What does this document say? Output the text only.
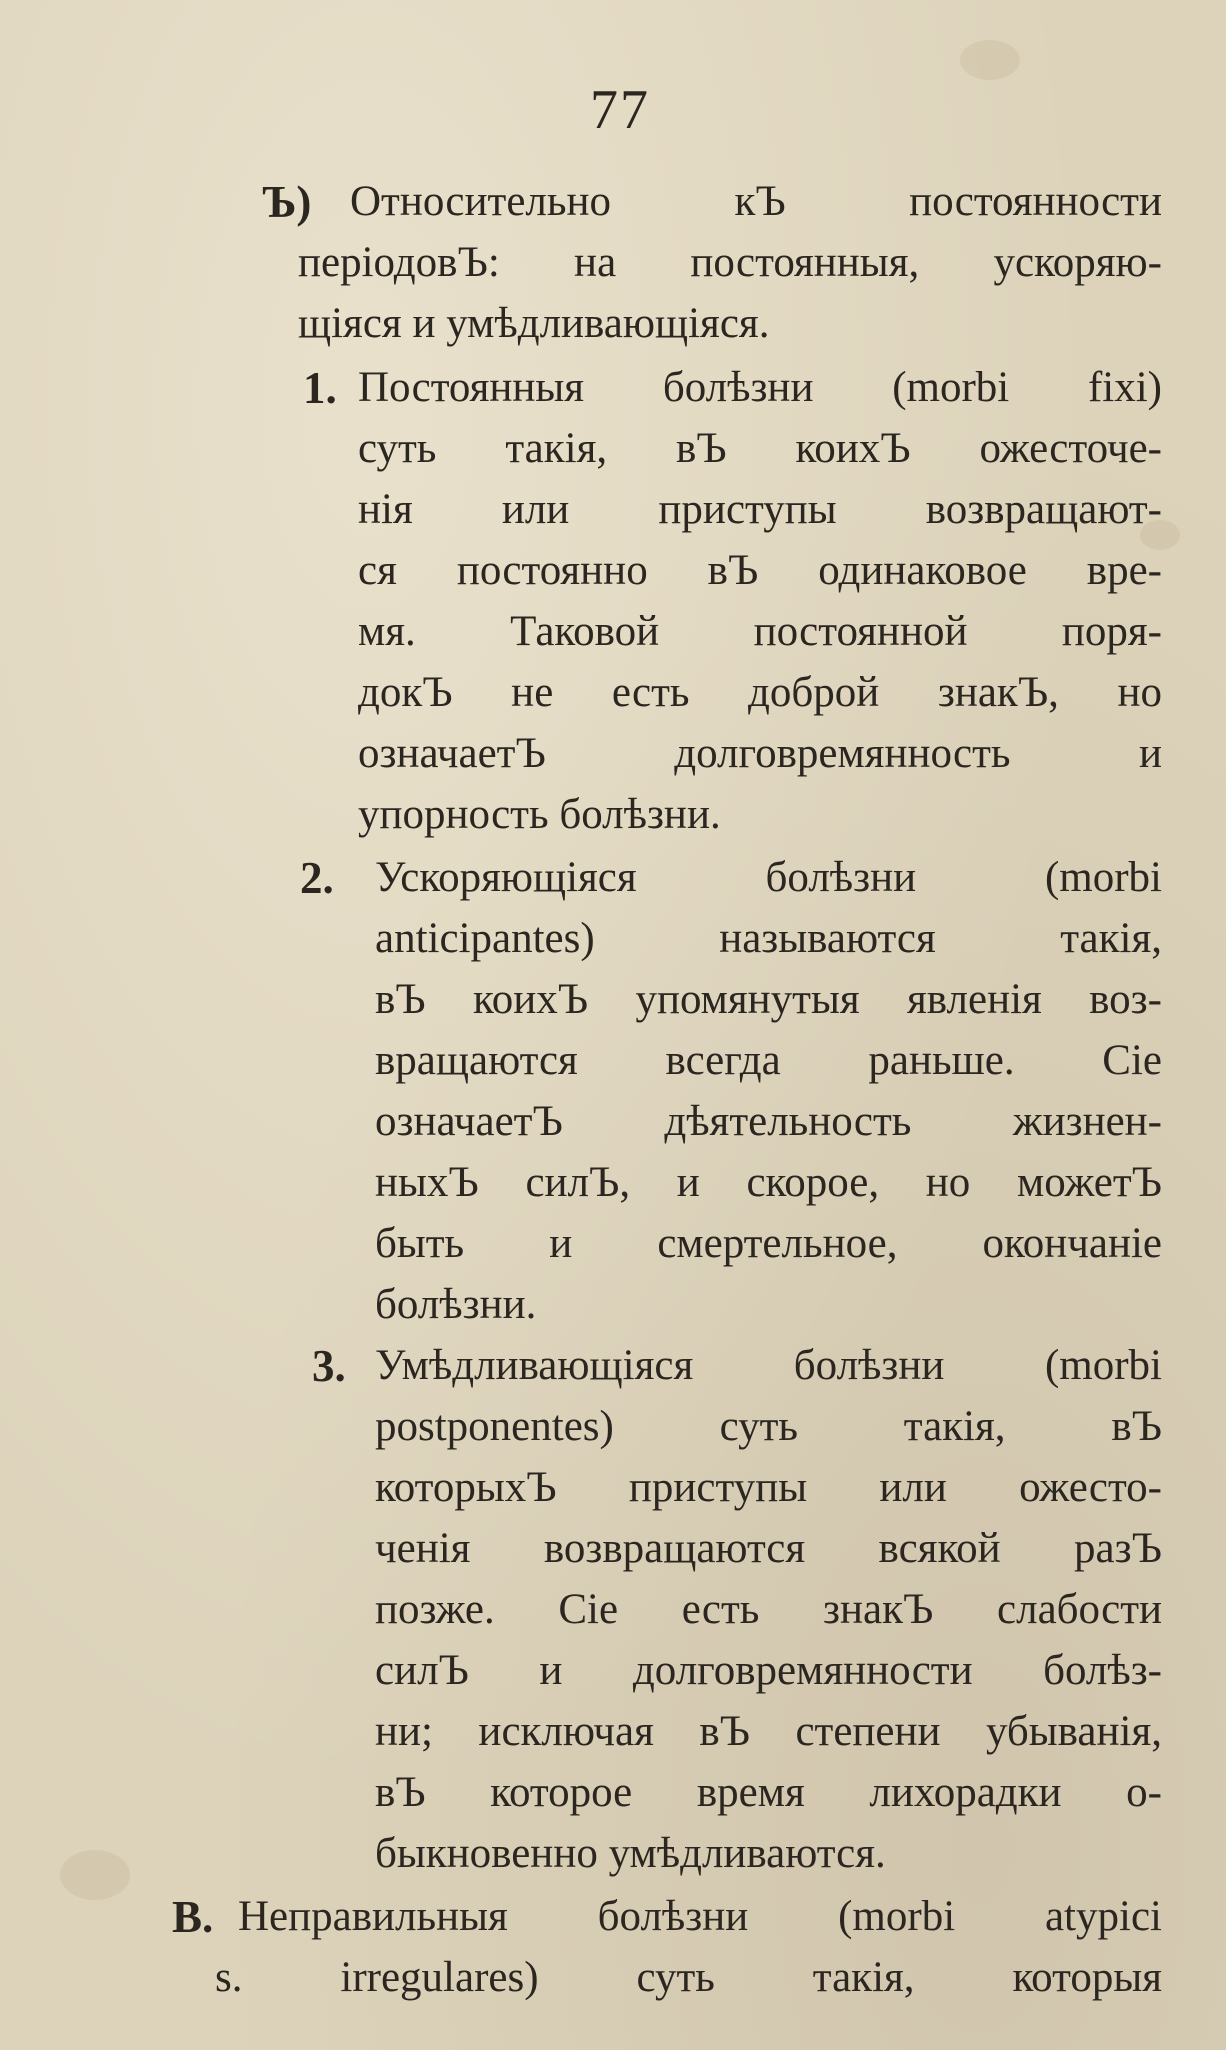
77
Ъ) Относительно кЪ постоянности
періодовЪ: на постоянныя, ускоряю-
щіяся и умѣдливающіяся.
1. Постоянныя болѣзни (morbi fixi)
суть такія, вЪ коихЪ ожесточе-
нія или приступы возвращают-
ся постоянно вЪ одинаковое вре-
мя. Таковой постоянной поря-
докЪ не есть доброй знакЪ, но
означаетЪ долговремянность и
упорность болѣзни.
2. Ускоряющіяся болѣзни (morbi
anticipantes) называются такія,
вЪ коихЪ упомянутыя явленія воз-
вращаются всегда раньше. Сіе
означаетЪ дѣятельность жизнен-
ныхЪ силЪ, и скорое, но можетЪ
быть и смертельное, окончаніе
болѣзни.
3. Умѣдливающіяся болѣзни (morbi
postponentes) суть такія, вЪ
которыхЪ приступы или ожесто-
ченія возвращаются всякой разЪ
позже. Сіе есть знакЪ слабости
силЪ и долговремянности болѣз-
ни; исключая вЪ степени убыванія,
вЪ которое время лихорадки о-
быкновенно умѣдливаются.
B. Неправильныя болѣзни (morbi atypici
s. irregulares) суть такія, которыя
